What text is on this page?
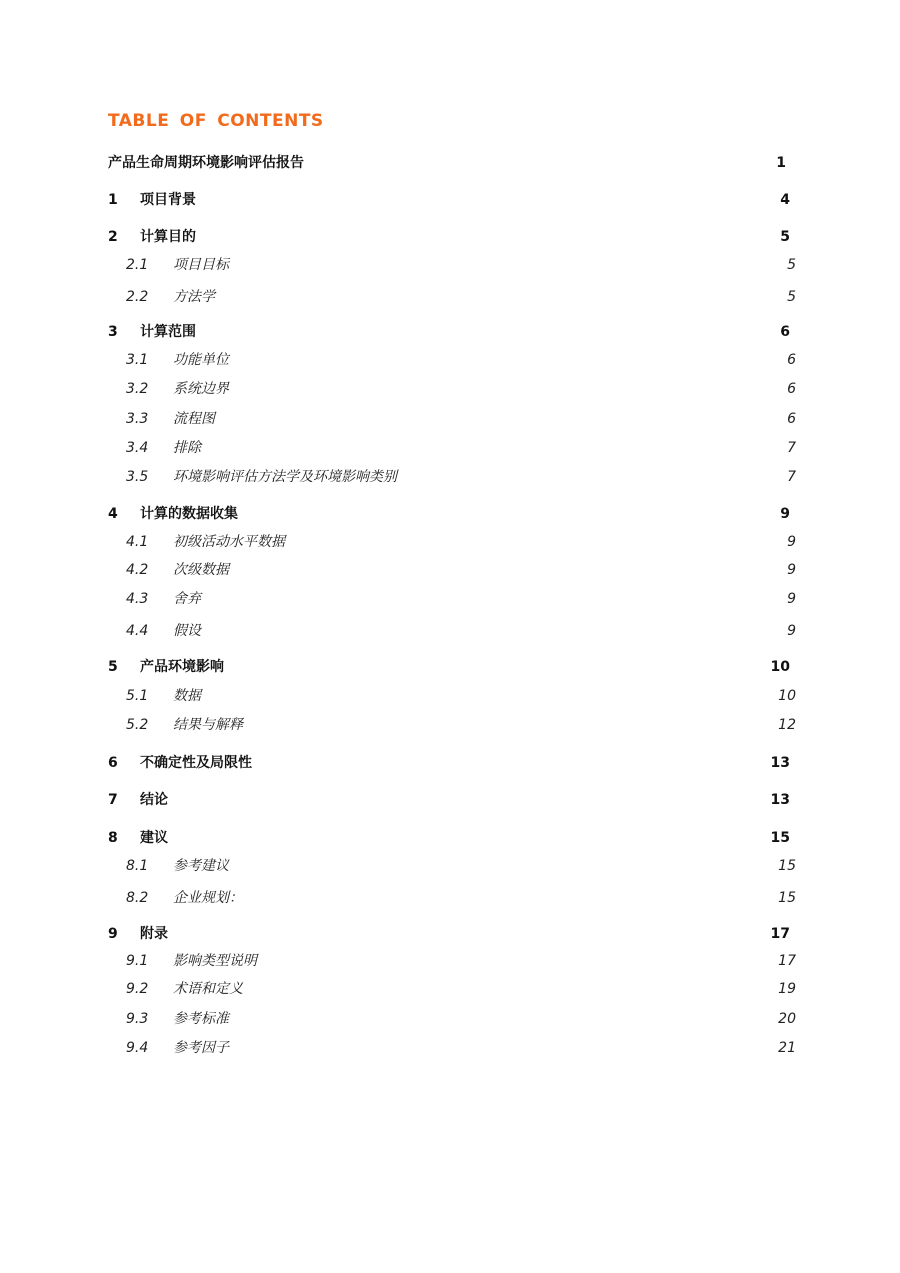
TABLE OF CONTENTS
产品生命周期环境影响评估报告	1
1	项目背景	4
2	计算目的	5
2.1	项目目标	5
2.2	方法学	5
3	计算范围	6
3.1	功能单位	6
3.2	系统边界	6
3.3	流程图	6
3.4	排除	7
3.5	环境影响评估方法学及环境影响类别	7
4	计算的数据收集	9
4.1	初级活动水平数据	9
4.2	次级数据	9
4.3	舍弃	9
4.4	假设	9
5	产品环境影响	10
5.1	数据	10
5.2	结果与解释	12
6	不确定性及局限性	13
7	结论	13
8	建议	15
8.1	参考建议	15
8.2	企业规划：	15
9	附录	17
9.1	影响类型说明	17
9.2	术语和定义	19
9.3	参考标准	20
9.4	参考因子	21
